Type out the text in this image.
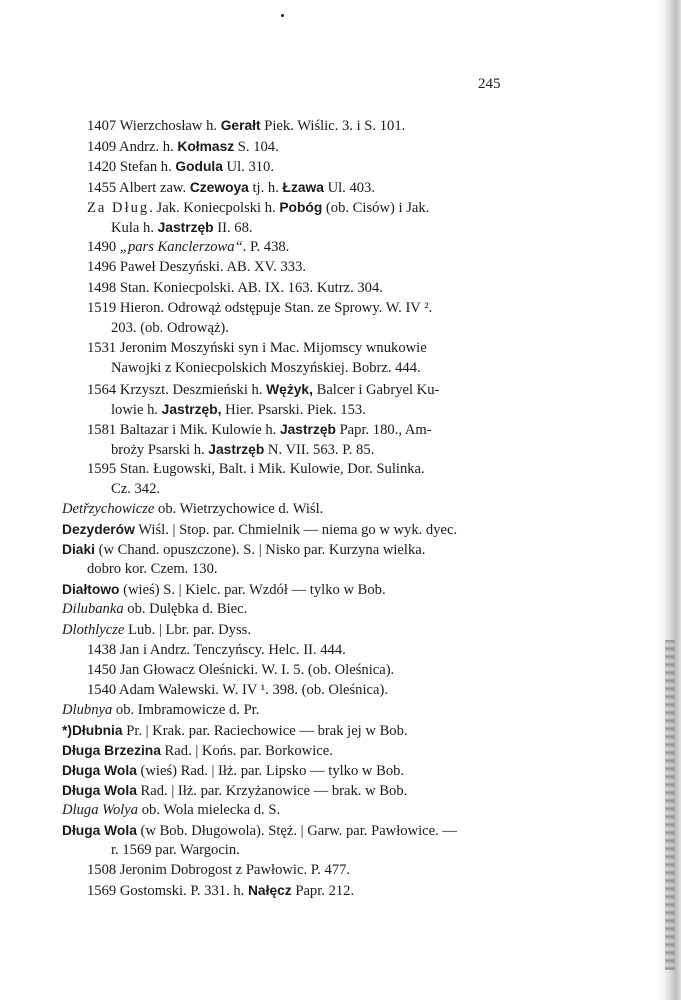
245
1407 Wierzchosław h. Gerałt Piek. Wiślic. 3. i S. 101.
1409 Andrz. h. Kołmasz S. 104.
1420 Stefan h. Godula Ul. 310.
1455 Albert zaw. Czewoya tj. h. Łzawa Ul. 403.
Za Dług. Jak. Koniecpolski h. Pobóg (ob. Cisów) i Jak.
Kula h. Jastrzęb II. 68.
1490 „pars Kanclerzowa“. P. 438.
1496 Paweł Deszyński. AB. XV. 333.
1498 Stan. Koniecpolski. AB. IX. 163. Kutrz. 304.
1519 Hieron. Odrowąż odstępuje Stan. ze Sprowy. W. IV ².
203. (ob. Odrowąż).
1531 Jeronim Moszyński syn i Mac. Mijomscy wnukowie
Nawojki z Koniecpolskich Moszyńskiej. Bobrz. 444.
1564 Krzyszt. Deszmieński h. Wężyk, Balcer i Gabryel Ku-
lowie h. Jastrzęb, Hier. Psarski. Piek. 153.
1581 Baltazar i Mik. Kulowie h. Jastrzęb Papr. 180., Am-
broży Psarski h. Jastrzęb N. VII. 563. P. 85.
1595 Stan. Ługowski, Balt. i Mik. Kulowie, Dor. Sulinka.
Cz. 342.
Detřzychowicze ob. Wietrzychowice d. Wiśl.
Dezyderów Wiśl. | Stop. par. Chmielnik — niema go w wyk. dyec.
Diaki (w Chand. opuszczone). S. | Nisko par. Kurzyna wielka.
dobro kor. Czem. 130.
Diałtowo (wieś) S. | Kielc. par. Wzdół — tylko w Bob.
Dilubanka ob. Dulębka d. Biec.
Dlothlycze Lub. | Lbr. par. Dyss.
1438 Jan i Andrz. Tenczyńscy. Helc. II. 444.
1450 Jan Głowacz Oleśnicki. W. I. 5. (ob. Oleśnica).
1540 Adam Walewski. W. IV ¹. 398. (ob. Oleśnica).
Dlubnya ob. Imbramowicze d. Pr.
*)Dłubnia Pr. | Krak. par. Raciechowice — brak jej w Bob.
Długa Brzezina Rad. | Końs. par. Borkowice.
Długa Wola (wieś) Rad. | Iłż. par. Lipsko — tylko w Bob.
Długa Wola Rad. | Iłż. par. Krzyżanowice — brak. w Bob.
Dluga Wolya ob. Wola mielecka d. S.
Długa Wola (w Bob. Długowola). Stęż. | Garw. par. Pawłowice. —
r. 1569 par. Wargocin.
1508 Jeronim Dobrogost z Pawłowic. P. 477.
1569 Gostomski. P. 331. h. Nałęcz Papr. 212.
